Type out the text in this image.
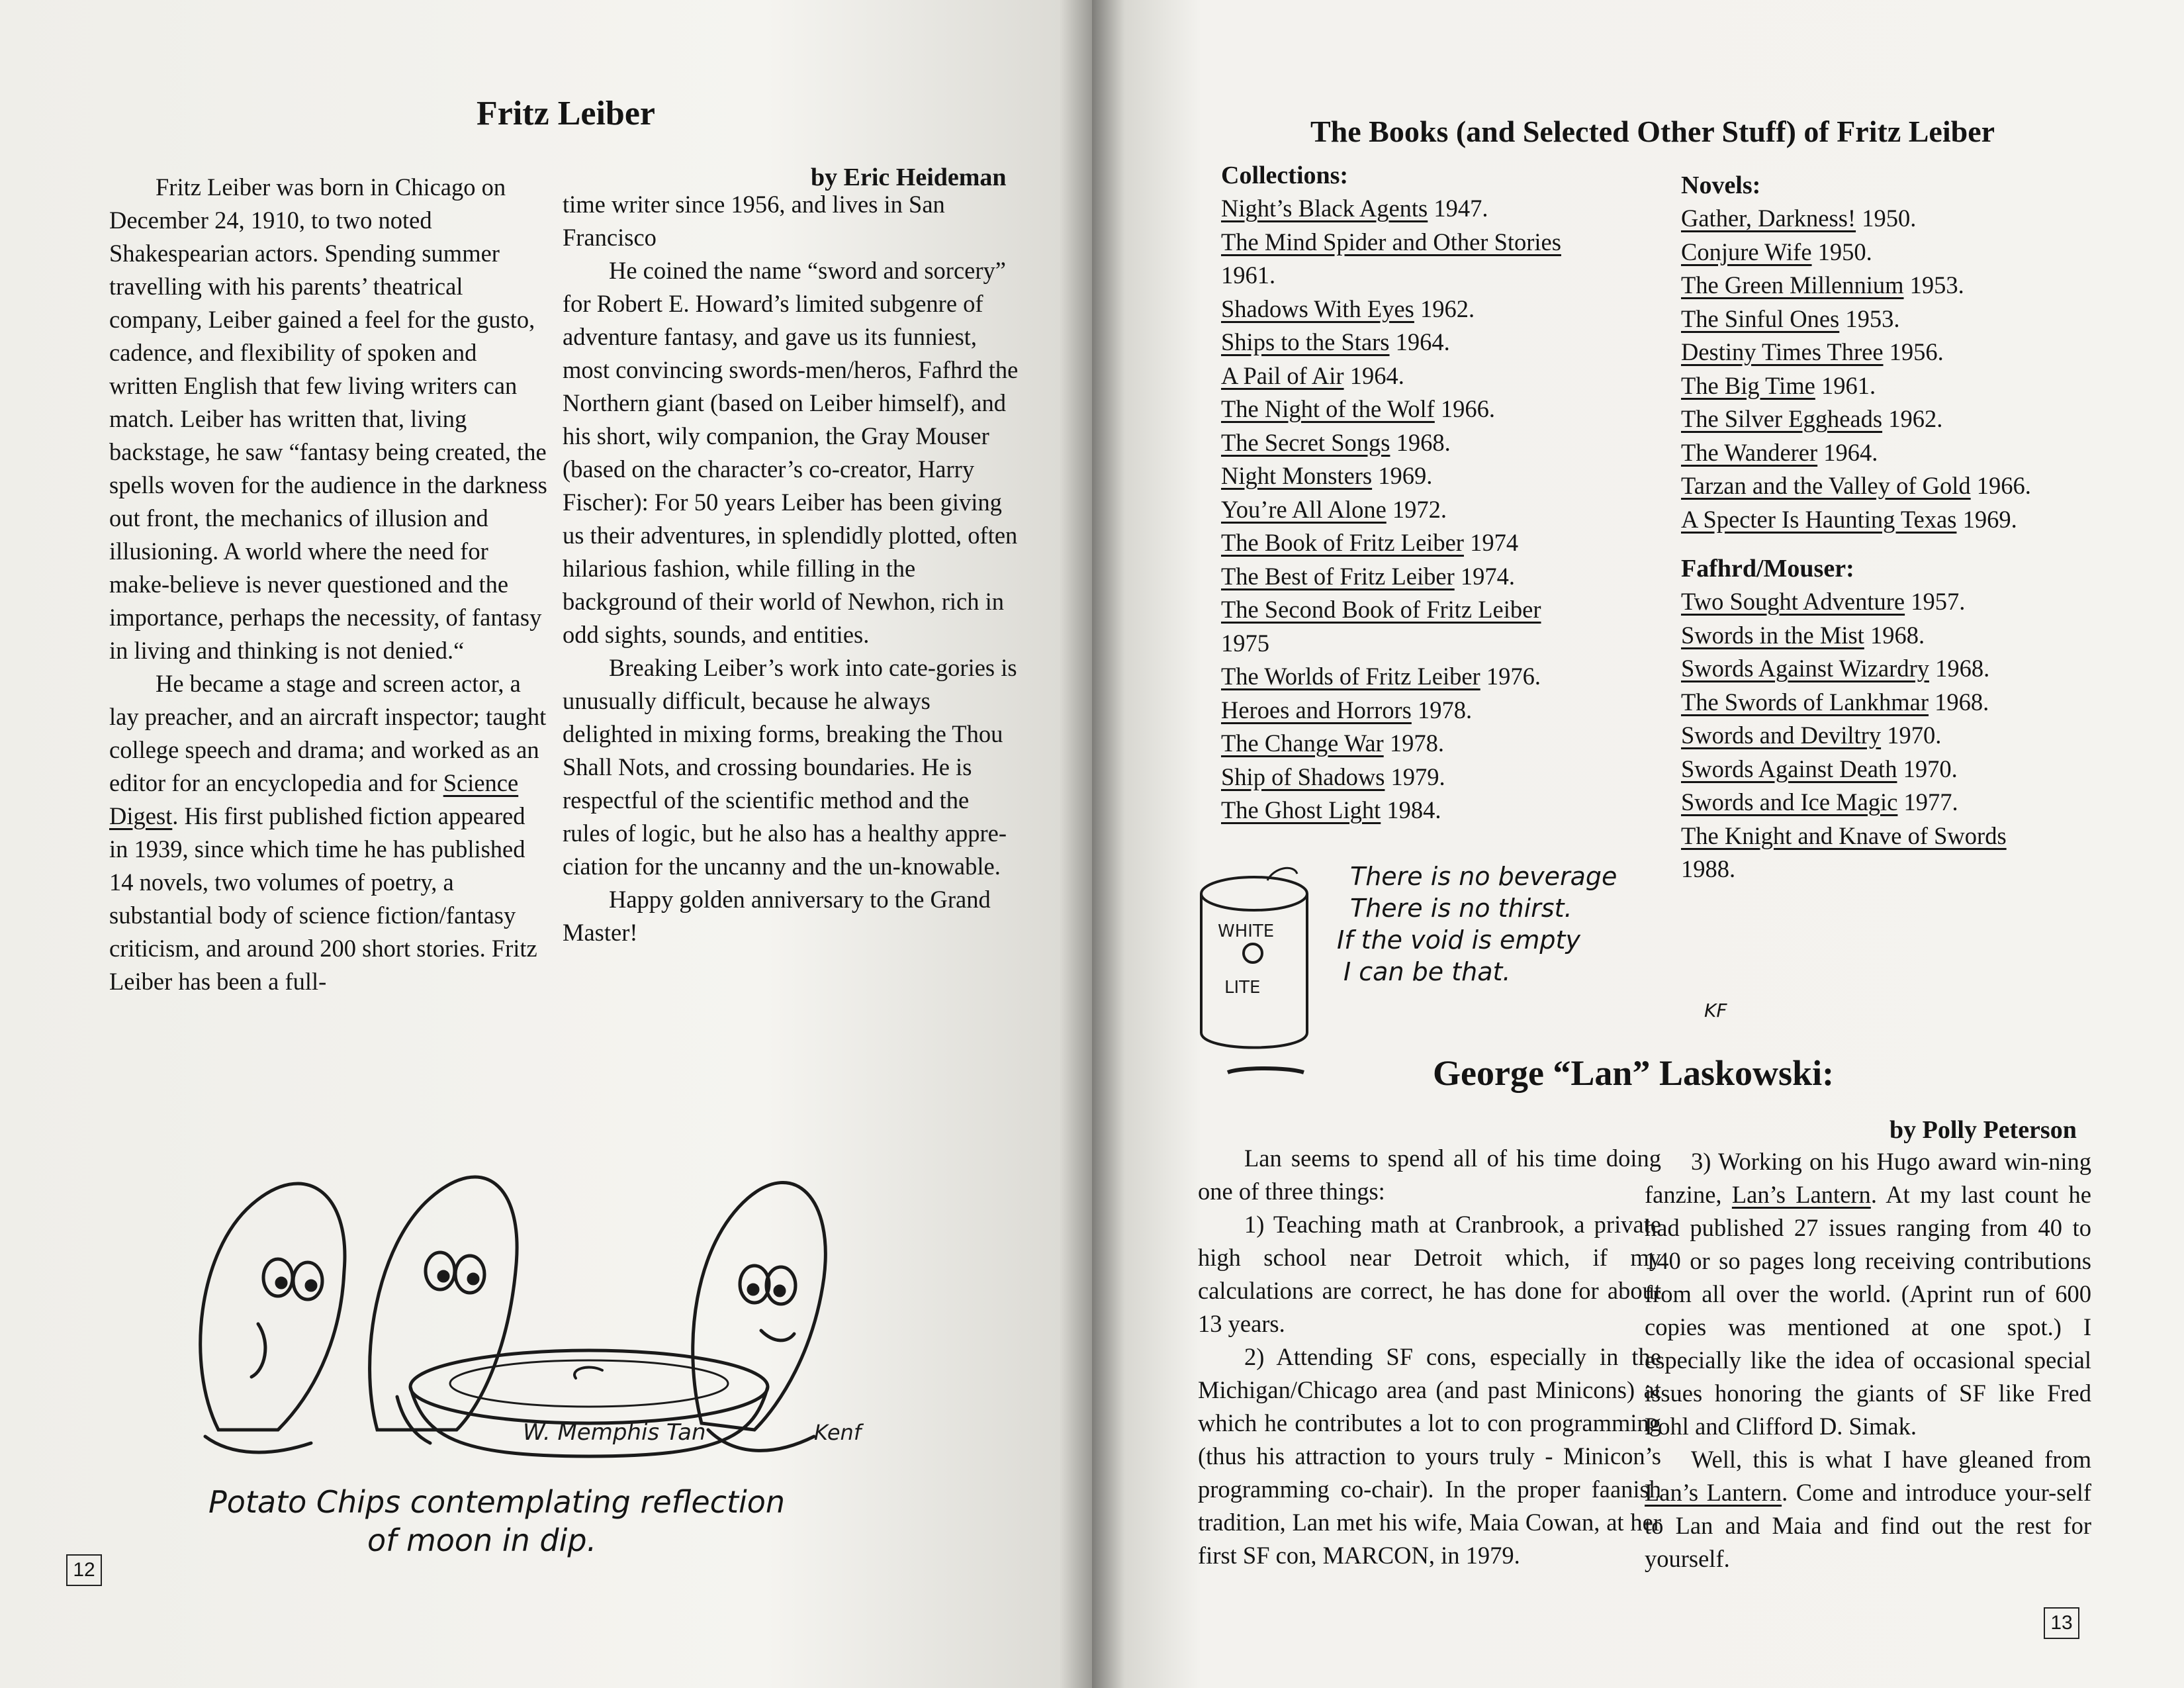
Fritz Leiber
by Eric Heideman

Fritz Leiber was born in Chicago on December 24, 1910, to two noted Shakespearian actors. Spending summer travelling with his parents’ theatrical company, Leiber gained a feel for the gusto, cadence, and flexibility of spoken and written English that few living writers can match. Leiber has written that, living backstage, he saw “fantasy being created, the spells woven for the audience in the darkness out front, the mechanics of illusion and illusioning. A world where the need for make-believe is never questioned and the importance, perhaps the necessity, of fantasy in living and thinking is not denied.“

He became a stage and screen actor, a lay preacher, and an aircraft inspector; taught college speech and drama; and worked as an editor for an encyclopedia and for Science Digest. His first published fiction appeared in 1939, since which time he has published 14 novels, two volumes of poetry, a substantial body of science fiction/fantasy criticism, and around 200 short stories. Fritz Leiber has been a full-

time writer since 1956, and lives in San Francisco

He coined the name “sword and sorcery” for Robert E. Howard’s limited subgenre of adventure fantasy, and gave us its funniest, most convincing swords-men/heros, Fafhrd the Northern giant (based on Leiber himself), and his short, wily companion, the Gray Mouser (based on the character’s co-creator, Harry Fischer): For 50 years Leiber has been giving us their adventures, in splendidly plotted, often hilarious fashion, while filling in the background of their world of Newhon, rich in odd sights, sounds, and entities.

Breaking Leiber’s work into cate-gories is unusually difficult, because he always delighted in mixing forms, breaking the Thou Shall Nots, and crossing boundaries. He is respectful of the scientific method and the rules of logic, but he also has a healthy appre-ciation for the uncanny and the un-knowable.

Happy golden anniversary to the Grand Master!

W. Memphis Tan	Kenf
Potato Chips contemplating reflection
of moon in dip.
12
The Books (and Selected Other Stuff) of Fritz Leiber
Collections:
Night’s Black Agents 1947.
The Mind Spider and Other Stories
1961.
Shadows With Eyes 1962.
Ships to the Stars 1964.
A Pail of Air 1964.
The Night of the Wolf 1966.
The Secret Songs 1968.
Night Monsters 1969.
You’re All Alone 1972.
The Book of Fritz Leiber 1974
The Best of Fritz Leiber 1974.
The Second Book of Fritz Leiber 1975
The Worlds of Fritz Leiber 1976.
Heroes and Horrors 1978.
The Change War 1978.
Ship of Shadows 1979.
The Ghost Light 1984.
Novels:
Gather, Darkness! 1950.
Conjure Wife 1950.
The Green Millennium 1953.
The Sinful Ones 1953.
Destiny Times Three 1956.
The Big Time 1961.
The Silver Eggheads 1962.
The Wanderer 1964.
Tarzan and the Valley of Gold 1966.
A Specter Is Haunting Texas 1969.
Fafhrd/Mouser:
Two Sought Adventure 1957.
Swords in the Mist 1968.
Swords Against Wizardry 1968.
The Swords of Lankhmar 1968.
Swords and Deviltry 1970.
Swords Against Death 1970.
Swords and Ice Magic 1977.
The Knight and Knave of Swords
1988.
WHITE
LITE
There is no beverage
There is no thirst.
If the void is empty
I can be that.
KF
George “Lan” Laskowski:
by Polly Peterson

Lan seems to spend all of his time doing one of three things:

1) Teaching math at Cranbrook, a private high school near Detroit which, if my calculations are correct, he has done for about 13 years.

2) Attending SF cons, especially in the Michigan/Chicago area (and past Minicons) at which he contributes a lot to con programming (thus his attraction to yours truly - Minicon’s programming co-chair). In the proper faanish tradition, Lan met his wife, Maia Cowan, at her first SF con, MARCON, in 1979.

3) Working on his Hugo award win-ning fanzine, Lan’s Lantern. At my last count he had published 27 issues ranging from 40 to 140 or so pages long receiving contributions from all over the world. (Aprint run of 600 copies was mentioned at one spot.) I especially like the idea of occasional special issues honoring the giants of SF like Fred Pohl and Clifford D. Simak.

Well, this is what I have gleaned from Lan’s Lantern. Come and introduce your-self to Lan and Maia and find out the rest for yourself.

13
